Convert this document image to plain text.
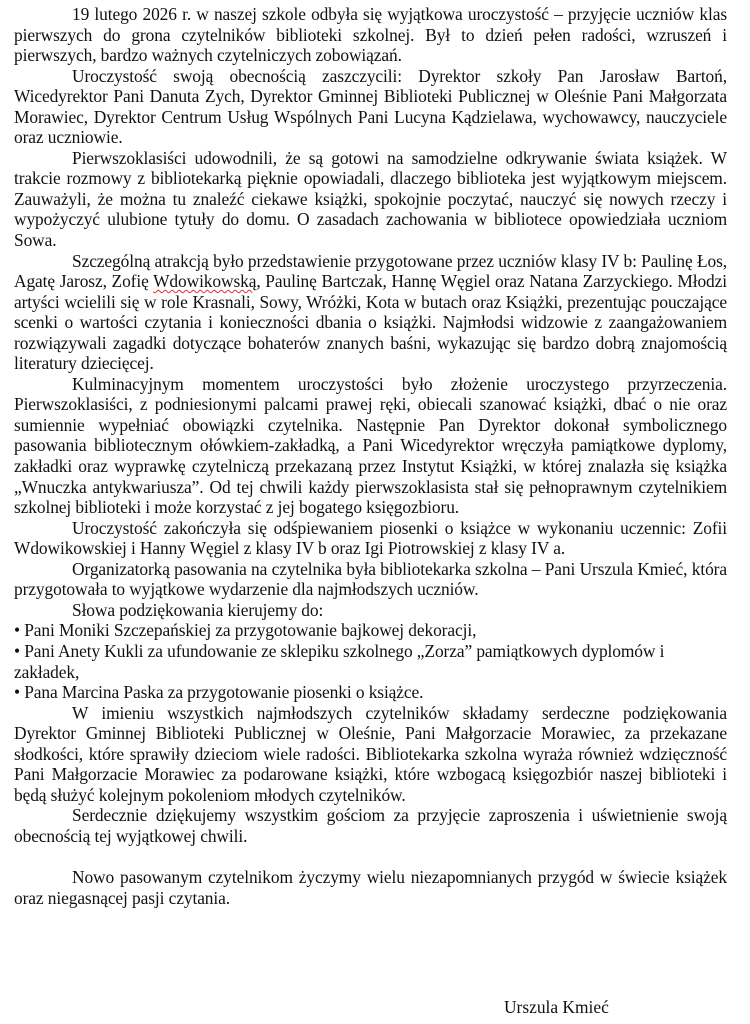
19 lutego 2026 r. w naszej szkole odbyła się wyjątkowa uroczystość – przyjęcie uczniów klas pierwszych do grona czytelników biblioteki szkolnej. Był to dzień pełen radości, wzruszeń i pierwszych, bardzo ważnych czytelniczych zobowiązań.

Uroczystość swoją obecnością zaszczycili: Dyrektor szkoły Pan Jarosław Bartoń, Wicedyrektor Pani Danuta Zych, Dyrektor Gminnej Biblioteki Publicznej w Oleśnie Pani Małgorzata Morawiec, Dyrektor Centrum Usług Wspólnych Pani Lucyna Kądzielawa, wychowawcy, nauczyciele oraz uczniowie.

Pierwszoklasiści udowodnili, że są gotowi na samodzielne odkrywanie świata książek. W trakcie rozmowy z bibliotekarką pięknie opowiadali, dlaczego biblioteka jest wyjątkowym miejscem. Zauważyli, że można tu znaleźć ciekawe książki, spokojnie poczytać, nauczyć się nowych rzeczy i wypożyczyć ulubione tytuły do domu. O zasadach zachowania w bibliotece opowiedziała uczniom Sowa.

Szczególną atrakcją było przedstawienie przygotowane przez uczniów klasy IV b: Paulinę Łos, Agatę Jarosz, Zofię Wdowikowską, Paulinę Bartczak, Hannę Węgiel oraz Natana Zarzyckiego. Młodzi artyści wcielili się w role Krasnali, Sowy, Wróżki, Kota w butach oraz Książki, prezentując pouczające scenki o wartości czytania i konieczności dbania o książki. Najmłodsi widzowie z zaangażowaniem rozwiązywali zagadki dotyczące bohaterów znanych baśni, wykazując się bardzo dobrą znajomością literatury dziecięcej.

Kulminacyjnym momentem uroczystości było złożenie uroczystego przyrzeczenia. Pierwszoklasiści, z podniesionymi palcami prawej ręki, obiecali szanować książki, dbać o nie oraz sumiennie wypełniać obowiązki czytelnika. Następnie Pan Dyrektor dokonał symbolicznego pasowania bibliotecznym ołówkiem-zakładką, a Pani Wicedyrektor wręczyła pamiątkowe dyplomy, zakładki oraz wyprawkę czytelniczą przekazaną przez Instytut Książki, w której znalazła się książka „Wnuczka antykwariusza”. Od tej chwili każdy pierwszoklasista stał się pełnoprawnym czytelnikiem szkolnej biblioteki i może korzystać z jej bogatego księgozbioru.

Uroczystość zakończyła się odśpiewaniem piosenki o książce w wykonaniu uczennic: Zofii Wdowikowskiej i Hanny Węgiel z klasy IV b oraz Igi Piotrowskiej z klasy IV a.

Organizatorką pasowania na czytelnika była bibliotekarka szkolna – Pani Urszula Kmieć, która przygotowała to wyjątkowe wydarzenie dla najmłodszych uczniów.

Słowa podziękowania kierujemy do:

• Pani Moniki Szczepańskiej za przygotowanie bajkowej dekoracji,

• Pani Anety Kukli za ufundowanie ze sklepiku szkolnego „Zorza” pamiątkowych dyplomów i zakładek,

• Pana Marcina Paska za przygotowanie piosenki o książce.

W imieniu wszystkich najmłodszych czytelników składamy serdeczne podziękowania Dyrektor Gminnej Biblioteki Publicznej w Oleśnie, Pani Małgorzacie Morawiec, za przekazane słodkości, które sprawiły dzieciom wiele radości. Bibliotekarka szkolna wyraża również wdzięczność Pani Małgorzacie Morawiec za podarowane książki, które wzbogacą księgozbiór naszej biblioteki i będą służyć kolejnym pokoleniom młodych czytelników.

Serdecznie dziękujemy wszystkim gościom za przyjęcie zaproszenia i uświetnienie swoją obecnością tej wyjątkowej chwili.

Nowo pasowanym czytelnikom życzymy wielu niezapomnianych przygód w świecie książek oraz niegasnącej pasji czytania.

Urszula Kmieć
